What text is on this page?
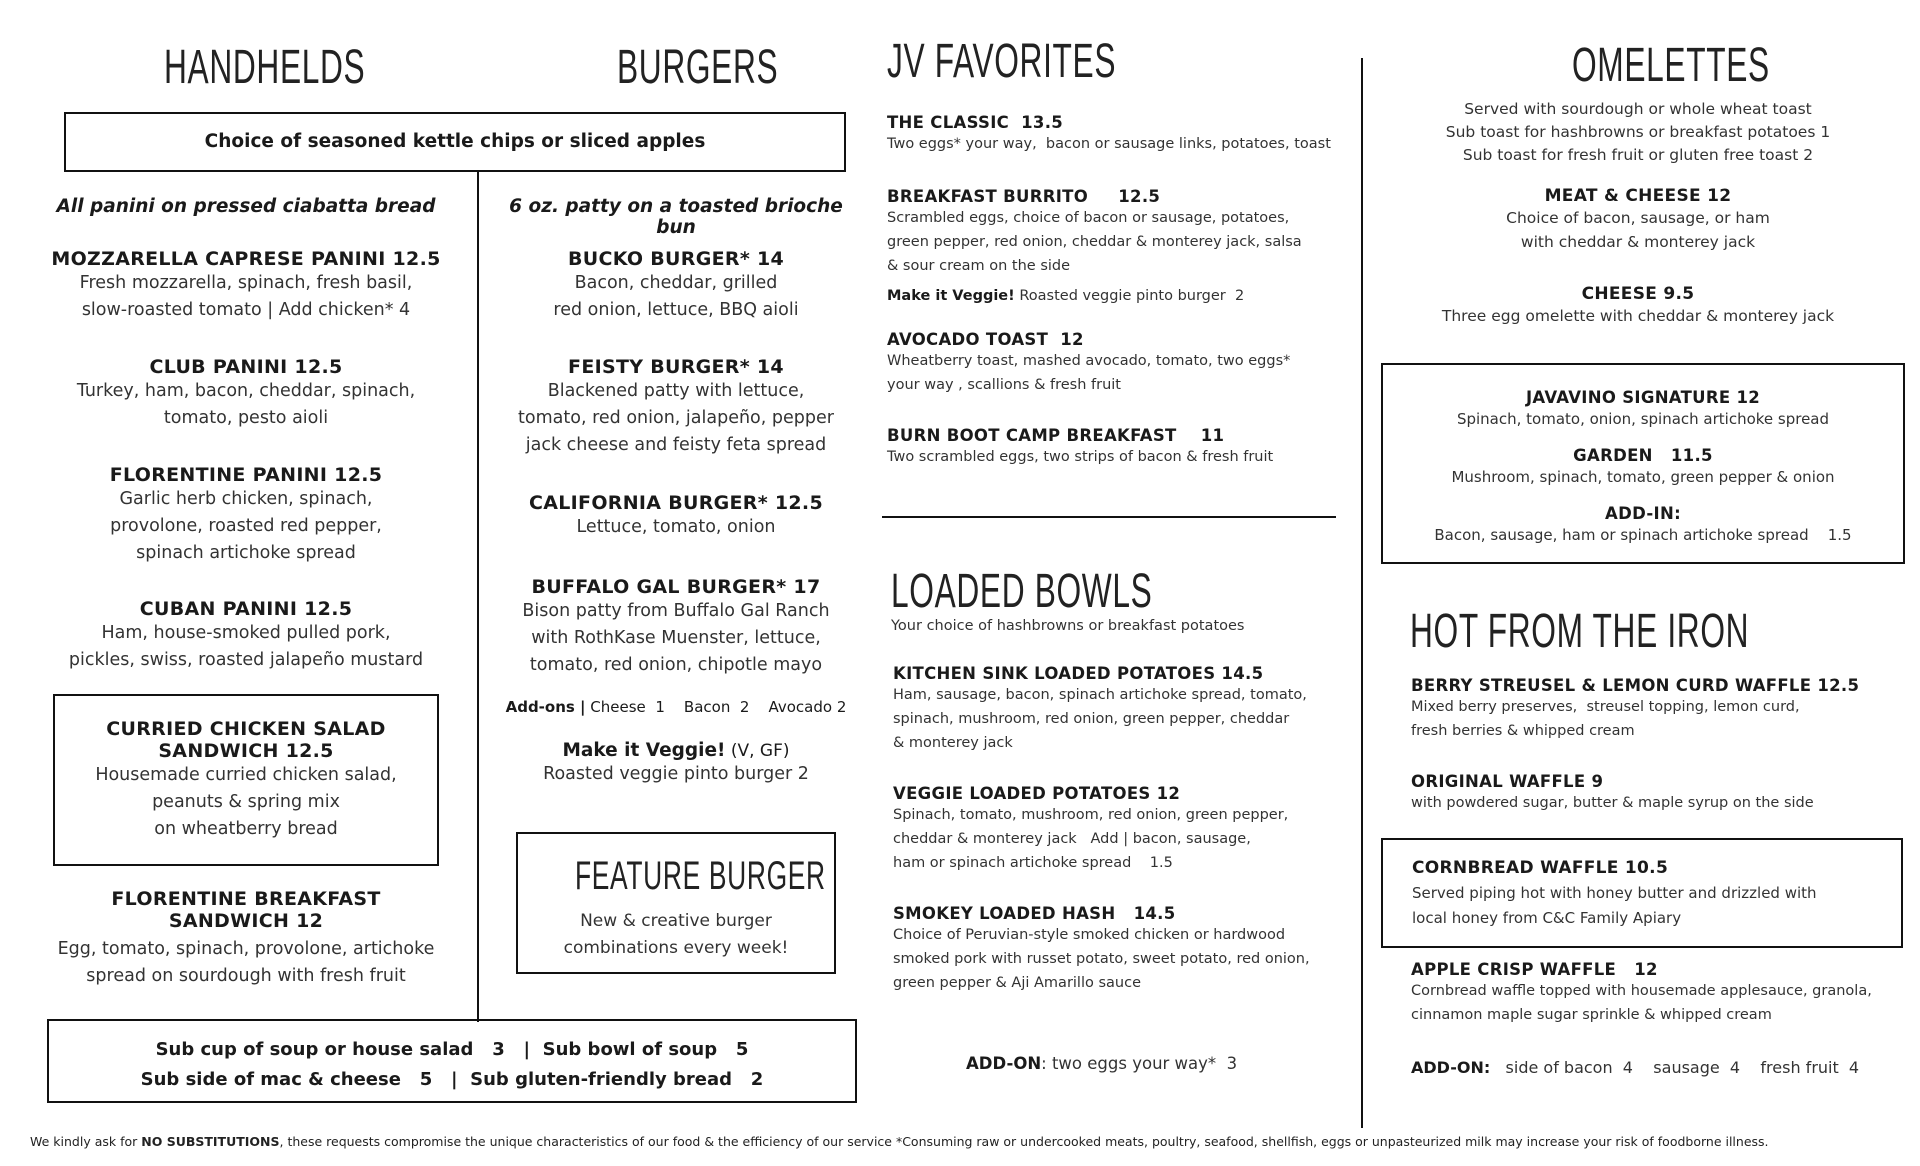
HANDHELDS	BURGERS
Choice of seasoned kettle chips or sliced apples
All panini on pressed ciabatta bread
MOZZARELLA CAPRESE PANINI 12.5
Fresh mozzarella, spinach, fresh basil,
slow-roasted tomato | Add chicken* 4
CLUB PANINI 12.5
Turkey, ham, bacon, cheddar, spinach,
tomato, pesto aioli
FLORENTINE PANINI 12.5
Garlic herb chicken, spinach,
provolone, roasted red pepper,
spinach artichoke spread
CUBAN PANINI 12.5
Ham, house-smoked pulled pork,
pickles, swiss, roasted jalapeño mustard
CURRIED CHICKEN SALAD
SANDWICH 12.5
Housemade curried chicken salad,
peanuts & spring mix
on wheatberry bread
FLORENTINE BREAKFAST
SANDWICH 12
Egg, tomato, spinach, provolone, artichoke
spread on sourdough with fresh fruit
6 oz. patty on a toasted brioche bun
BUCKO BURGER* 14
Bacon, cheddar, grilled
red onion, lettuce, BBQ aioli
FEISTY BURGER* 14
Blackened patty with lettuce,
tomato, red onion, jalapeño, pepper
jack cheese and feisty feta spread
CALIFORNIA BURGER* 12.5
Lettuce, tomato, onion
BUFFALO GAL BURGER* 17
Bison patty from Buffalo Gal Ranch
with RothKase Muenster, lettuce,
tomato, red onion, chipotle mayo
Add-ons | Cheese  1    Bacon  2    Avocado 2
Make it Veggie! (V, GF)
Roasted veggie pinto burger 2
FEATURE BURGER
New & creative burger
combinations every week!
Sub cup of soup or house salad   3   |  Sub bowl of soup   5
Sub side of mac & cheese   5   |  Sub gluten-friendly bread   2
JV FAVORITES
THE CLASSIC  13.5
Two eggs* your way,  bacon or sausage links, potatoes, toast
BREAKFAST BURRITO     12.5
Scrambled eggs, choice of bacon or sausage, potatoes,
green pepper, red onion, cheddar & monterey jack, salsa
& sour cream on the side
Make it Veggie! Roasted veggie pinto burger  2
AVOCADO TOAST  12
Wheatberry toast, mashed avocado, tomato, two eggs*
your way , scallions & fresh fruit
BURN BOOT CAMP BREAKFAST    11
Two scrambled eggs, two strips of bacon & fresh fruit
LOADED BOWLS
Your choice of hashbrowns or breakfast potatoes
KITCHEN SINK LOADED POTATOES 14.5
Ham, sausage, bacon, spinach artichoke spread, tomato,
spinach, mushroom, red onion, green pepper, cheddar
& monterey jack
VEGGIE LOADED POTATOES 12
Spinach, tomato, mushroom, red onion, green pepper,
cheddar & monterey jack   Add | bacon, sausage,
ham or spinach artichoke spread    1.5
SMOKEY LOADED HASH   14.5
Choice of Peruvian-style smoked chicken or hardwood
smoked pork with russet potato, sweet potato, red onion,
green pepper & Aji Amarillo sauce
ADD-ON: two eggs your way*  3
OMELETTES
Served with sourdough or whole wheat toast
Sub toast for hashbrowns or breakfast potatoes 1
Sub toast for fresh fruit or gluten free toast 2
MEAT & CHEESE 12
Choice of bacon, sausage, or ham
with cheddar & monterey jack
CHEESE 9.5
Three egg omelette with cheddar & monterey jack
JAVAVINO SIGNATURE 12
Spinach, tomato, onion, spinach artichoke spread
GARDEN   11.5
Mushroom, spinach, tomato, green pepper & onion
ADD-IN:
Bacon, sausage, ham or spinach artichoke spread    1.5
HOT FROM THE IRON
BERRY STREUSEL & LEMON CURD WAFFLE 12.5
Mixed berry preserves,  streusel topping, lemon curd,
fresh berries & whipped cream
ORIGINAL WAFFLE 9
with powdered sugar, butter & maple syrup on the side
CORNBREAD WAFFLE 10.5
Served piping hot with honey butter and drizzled with
local honey from C&C Family Apiary
APPLE CRISP WAFFLE   12
Cornbread waffle topped with housemade applesauce, granola,
cinnamon maple sugar sprinkle & whipped cream
ADD-ON:   side of bacon  4    sausage  4    fresh fruit  4
We kindly ask for NO SUBSTITUTIONS, these requests compromise the unique characteristics of our food & the efficiency of our service *Consuming raw or undercooked meats, poultry, seafood, shellfish, eggs or unpasteurized milk may increase your risk of foodborne illness.
